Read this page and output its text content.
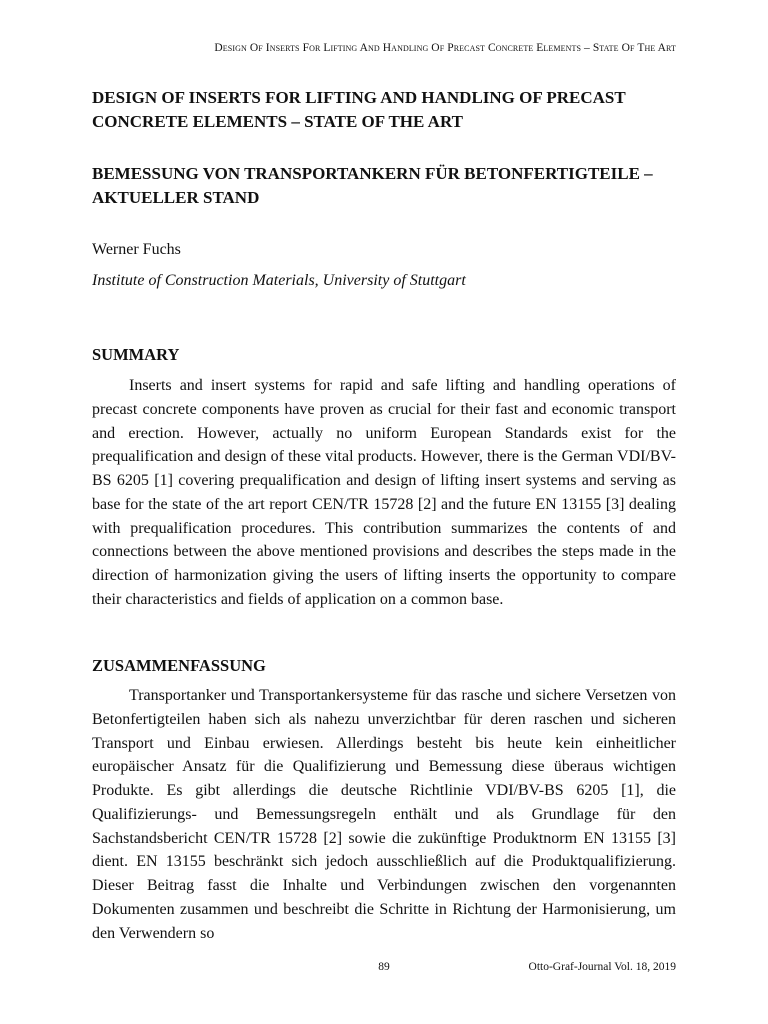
Design Of Inserts For Lifting And Handling Of Precast Concrete Elements – State Of The Art
DESIGN OF INSERTS FOR LIFTING AND HANDLING OF PRECAST CONCRETE ELEMENTS – STATE OF THE ART
BEMESSUNG VON TRANSPORTANKERN FÜR BETONFERTIGTEILE – AKTUELLER STAND

Werner Fuchs

Institute of Construction Materials, University of Stuttgart

SUMMARY

Inserts and insert systems for rapid and safe lifting and handling operations of precast concrete components have proven as crucial for their fast and economic transport and erection. However, actually no uniform European Standards exist for the prequalification and design of these vital products. However, there is the German VDI/BV-BS 6205 [1] covering prequalification and design of lifting insert systems and serving as base for the state of the art report CEN/TR 15728 [2] and the future EN 13155 [3] dealing with prequalification procedures. This contribution summarizes the contents of and connections between the above mentioned provisions and describes the steps made in the direction of harmonization giving the users of lifting inserts the opportunity to compare their characteristics and fields of application on a common base.

ZUSAMMENFASSUNG

Transportanker und Transportankersysteme für das rasche und sichere Versetzen von Betonfertigteilen haben sich als nahezu unverzichtbar für deren raschen und sicheren Transport und Einbau erwiesen. Allerdings besteht bis heute kein einheitlicher europäischer Ansatz für die Qualifizierung und Bemessung diese überaus wichtigen Produkte. Es gibt allerdings die deutsche Richtlinie VDI/BV-BS 6205 [1], die Qualifizierungs- und Bemessungsregeln enthält und als Grundlage für den Sachstandsbericht CEN/TR 15728 [2] sowie die zukünftige Produktnorm EN 13155 [3] dient. EN 13155 beschränkt sich jedoch ausschließlich auf die Produktqualifizierung. Dieser Beitrag fasst die Inhalte und Verbindungen zwischen den vorgenannten Dokumenten zusammen und beschreibt die Schritte in Richtung der Harmonisierung, um den Verwendern so

89	Otto-Graf-Journal Vol. 18, 2019
